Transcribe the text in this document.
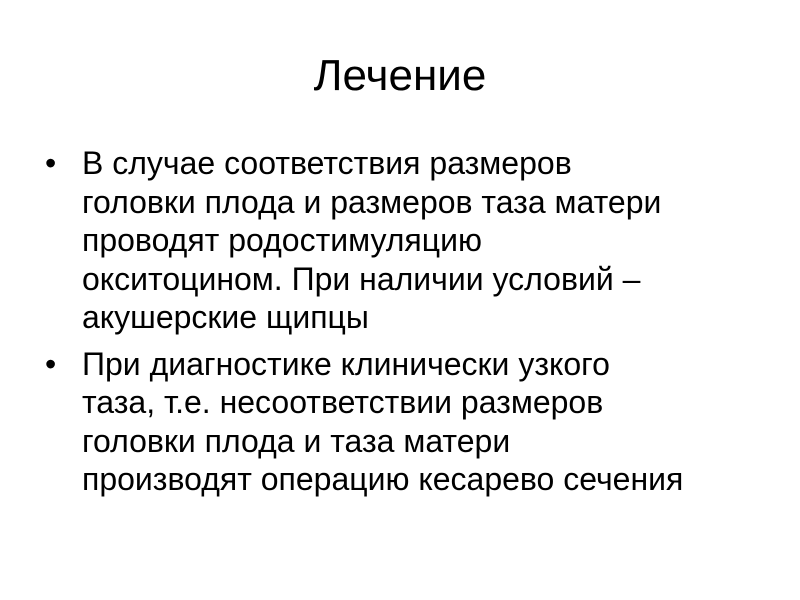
Лечение
• В случае соответствия размеров
головки плода и размеров таза матери
проводят родостимуляцию
окситоцином. При наличии условий –
акушерские щипцы
• При диагностике клинически узкого
таза, т.е. несоответствии размеров
головки плода и таза матери
производят операцию кесарево сечения
